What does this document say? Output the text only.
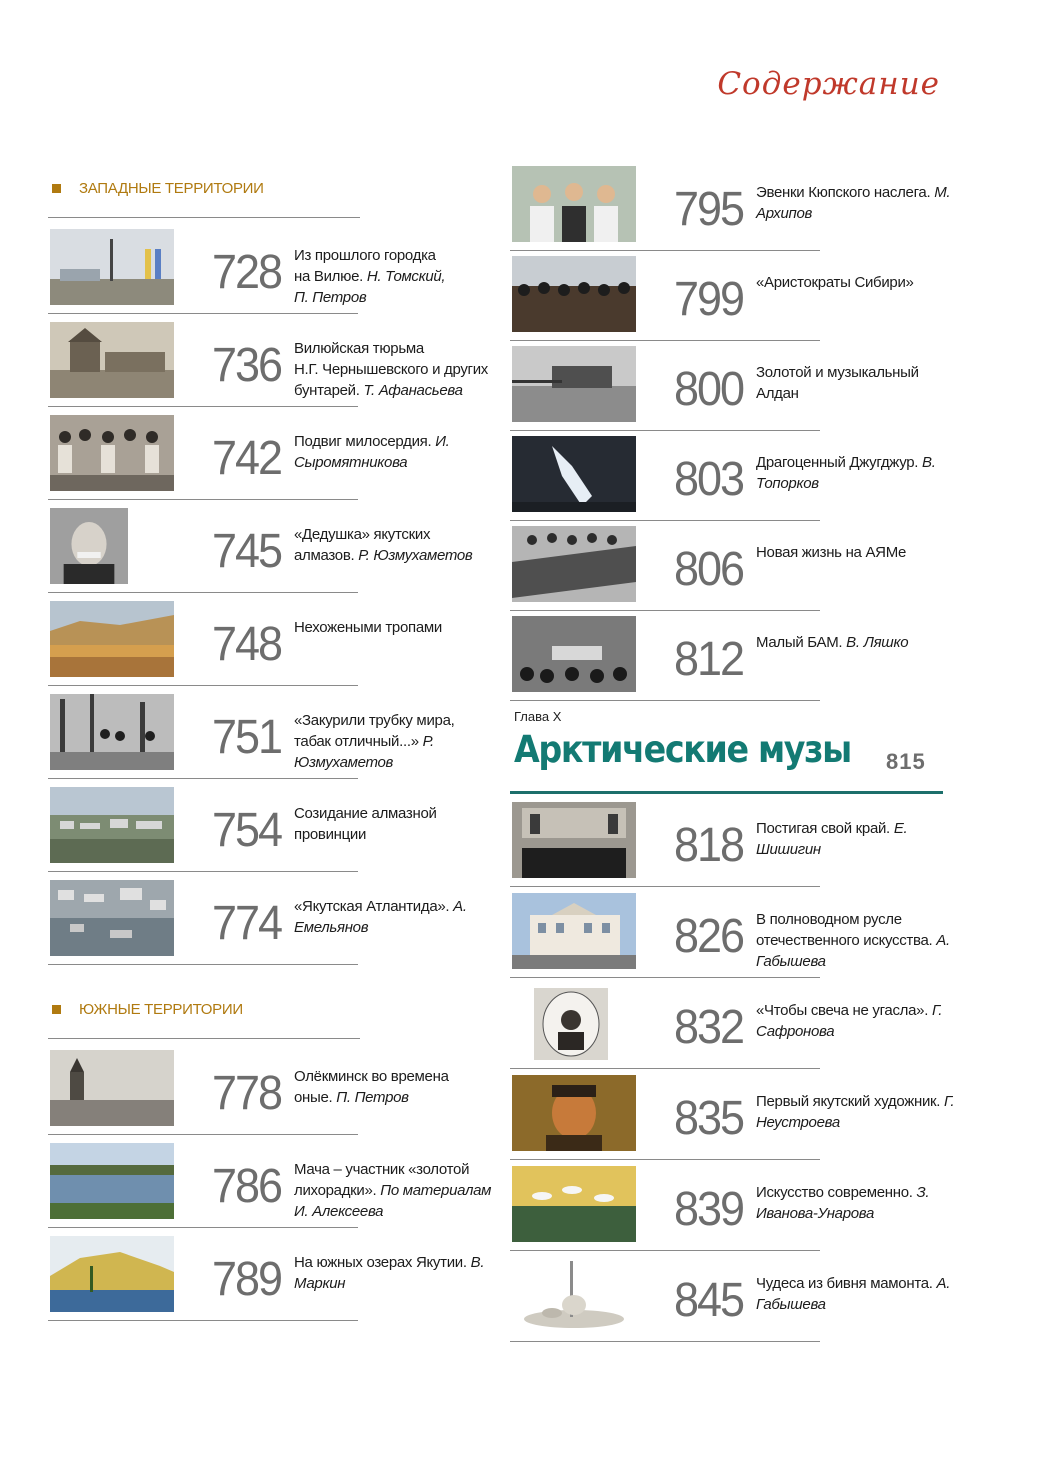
Содержание
ЗАПАДНЫЕ ТЕРРИТОРИИ
728 Из прошлого городка
на Вилюе. Н. Томский,
П. Петров
736 Вилюйская тюрьма
Н.Г. Чернышевского и других
бунтарей. Т. Афанасьева
742 Подвиг милосердия. И. Сыромятникова
745 «Дедушка» якутских
алмазов. Р. Юзмухаметов
748 Нехожеными тропами
751 «Закурили трубку мира,
табак отличный...» Р. Юзмухаметов
754 Созидание алмазной
провинции
774 «Якутская Атлантида». А. Емельянов
ЮЖНЫЕ ТЕРРИТОРИИ
778 Олёкминск во времена
оные. П. Петров
786 Мача – участник «золотой
лихорадки». По материалам
И. Алексеева
789 На южных озерах Якутии. В. Маркин
Глава X
Арктические музы 815
795 Эвенки Кюпского наслега. М. Архипов
799 «Аристократы Сибири»
800 Золотой и музыкальный
Алдан
803 Драгоценный Джугджур. В. Топорков
806 Новая жизнь на АЯМе
812 Малый БАМ. В. Ляшко
818 Постигая свой край. Е. Шишигин
826 В полноводном русле
отечественного искусства. А. Габышева
832 «Чтобы свеча не угасла». Г. Сафронова
835 Первый якутский художник. Г. Неустроева
839 Искусство современно. З. Иванова-Унарова
845 Чудеса из бивня мамонта. А. Габышева
